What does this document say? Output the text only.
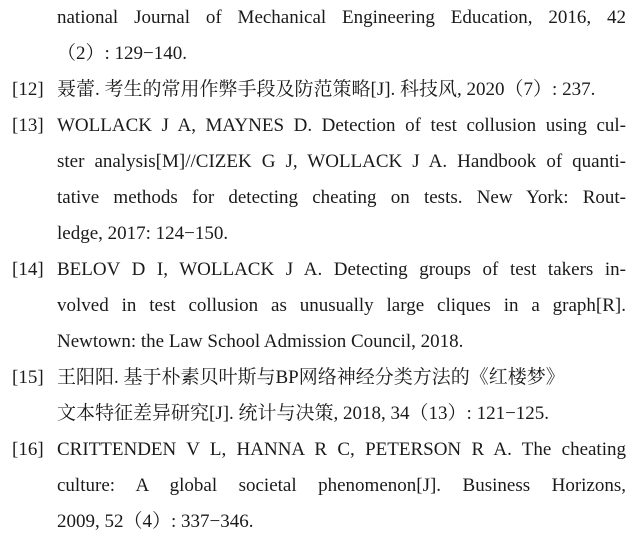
national Journal of Mechanical Engineering Education, 2016, 42
（2）: 129−140.
[12] 聂蕾. 考生的常用作弊手段及防范策略[J]. 科技风, 2020（7）: 237.
[13] WOLLACK J A, MAYNES D. Detection of test collusion using cul-
ster analysis[M]//CIZEK G J, WOLLACK J A. Handbook of quanti-
tative methods for detecting cheating on tests. New York: Rout-
ledge, 2017: 124−150.
[14] BELOV D I, WOLLACK J A. Detecting groups of test takers in-
volved in test collusion as unusually large cliques in a graph[R].
Newtown: the Law School Admission Council, 2018.
[15] 王阳阳. 基于朴素贝叶斯与BP网络神经分类方法的《红楼梦》
文本特征差异研究[J]. 统计与决策, 2018, 34（13）: 121−125.
[16] CRITTENDEN V L, HANNA R C, PETERSON R A. The cheating
culture: A global societal phenomenon[J]. Business Horizons,
2009, 52（4）: 337−346.
